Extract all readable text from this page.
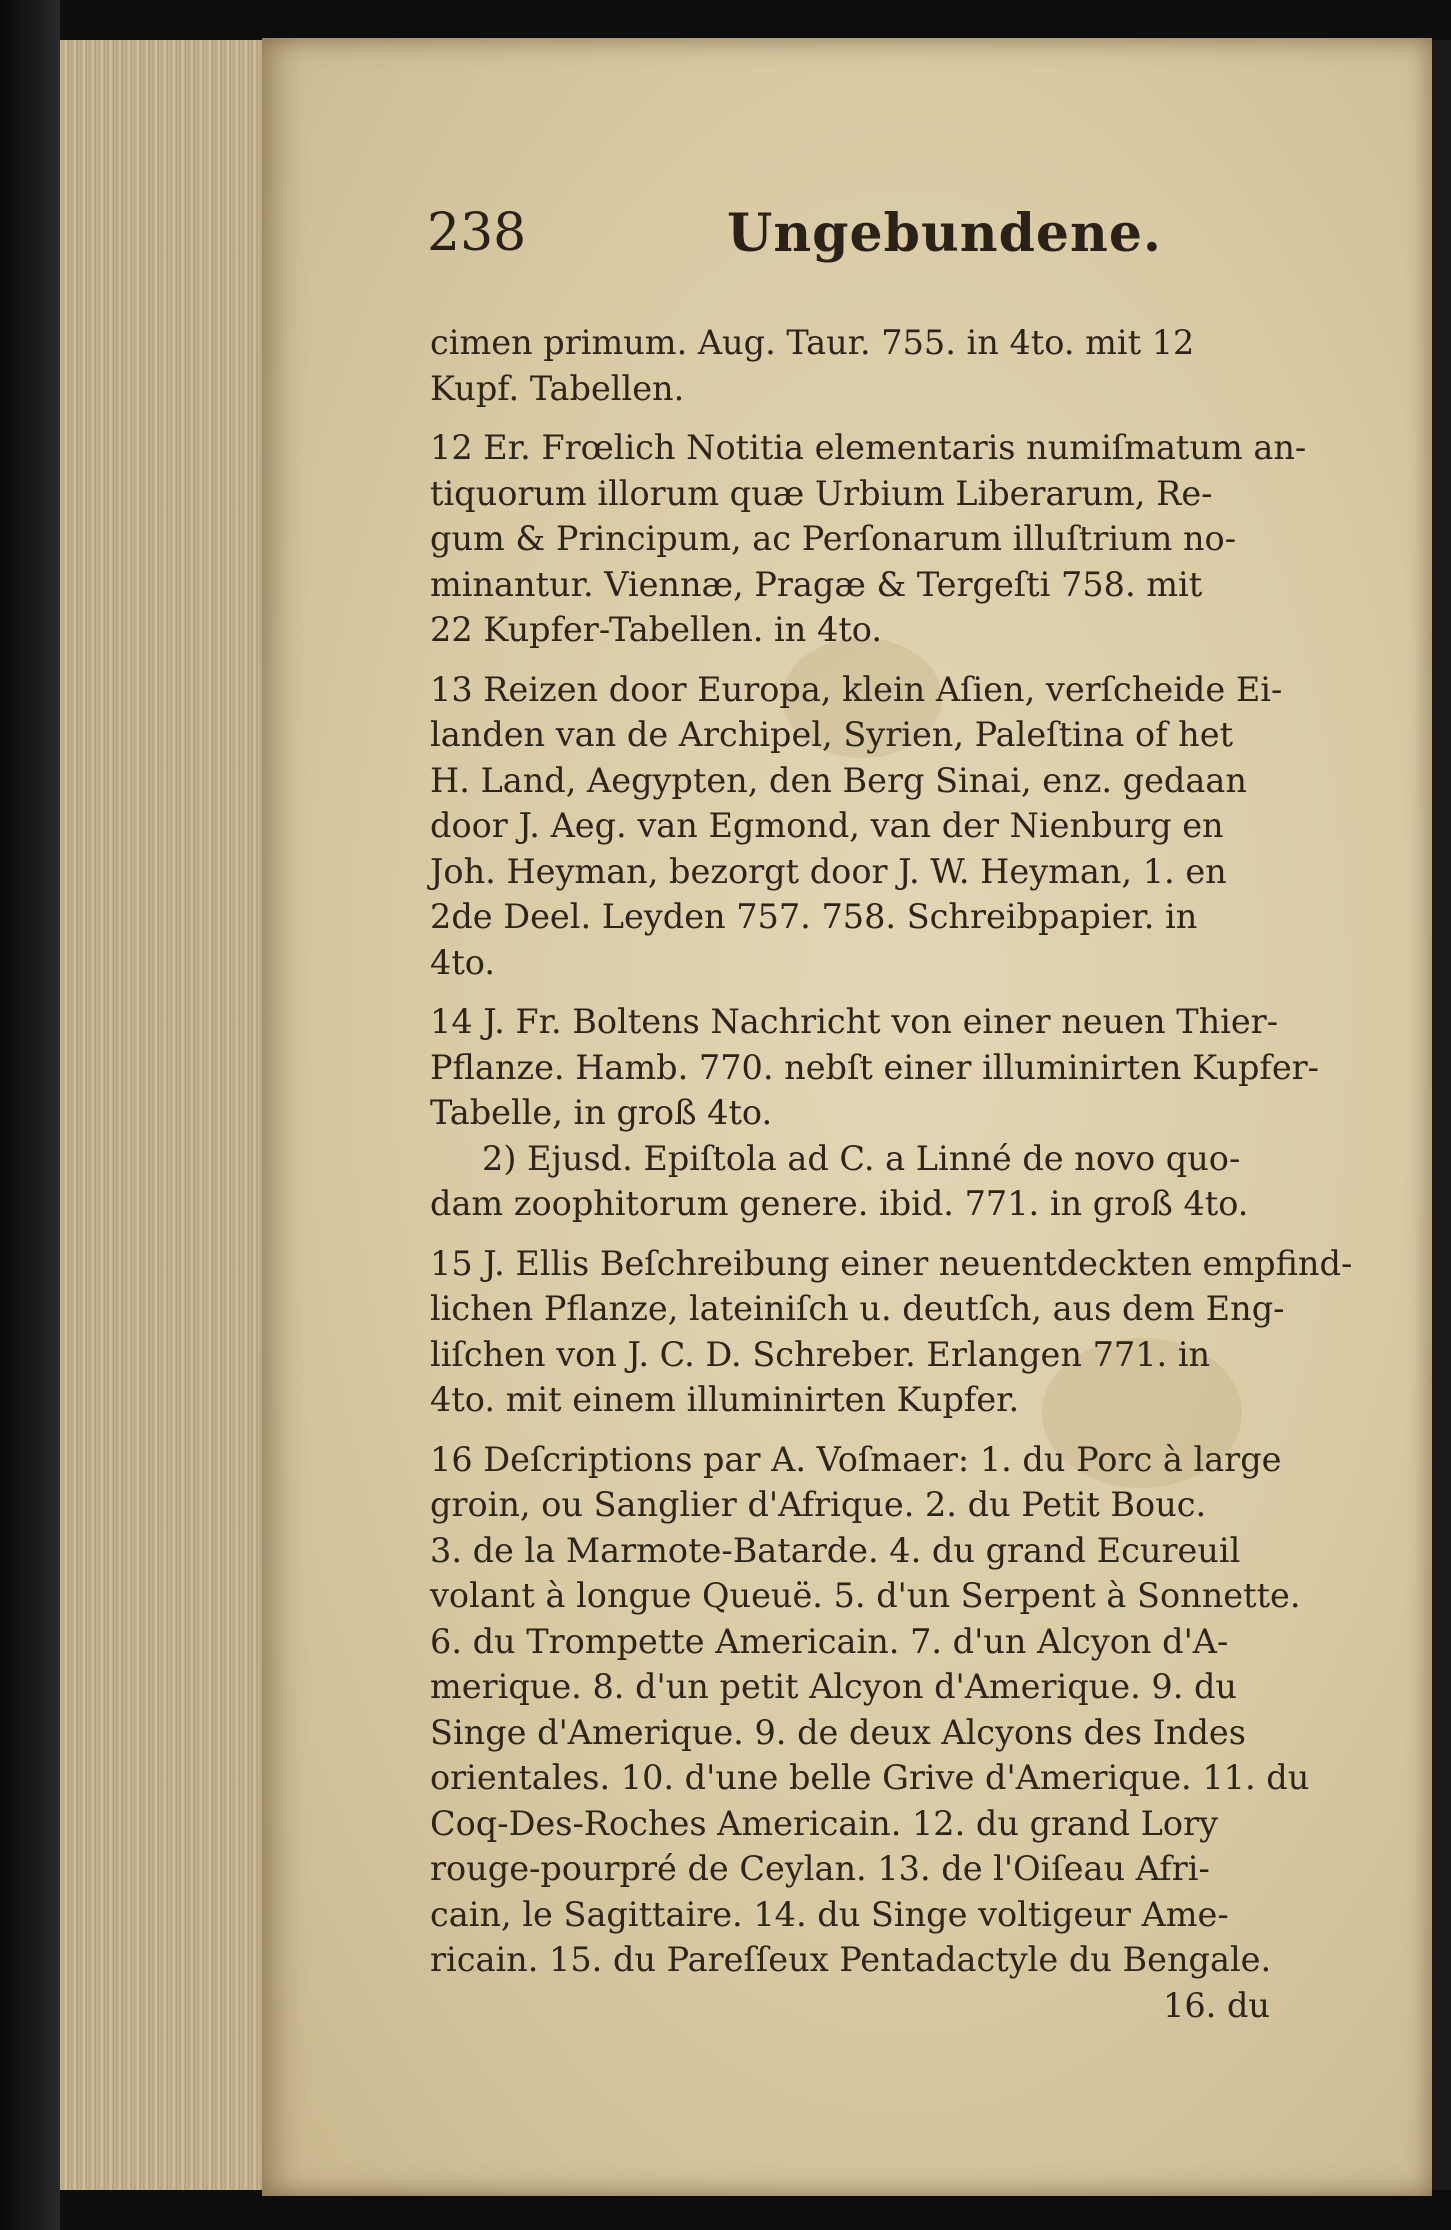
238	Ungebundene.
cimen primum. Aug. Taur. 755. in 4to. mit 12
Kupf. Tabellen.
12 Er. Frœlich Notitia elementaris numiſmatum an-
tiquorum illorum quæ Urbium Liberarum, Re-
gum & Principum, ac Perſonarum illuſtrium no-
minantur. Viennæ, Pragæ & Tergeſti 758. mit
22 Kupfer-Tabellen. in 4to.
13 Reizen door Europa, klein Aſien, verſcheide Ei-
landen van de Archipel, Syrien, Paleſtina of het
H. Land, Aegypten, den Berg Sinai, enz. gedaan
door J. Aeg. van Egmond, van der Nienburg en
Joh. Heyman, bezorgt door J. W. Heyman, 1. en
2de Deel. Leyden 757. 758. Schreibpapier. in
4to.
14 J. Fr. Boltens Nachricht von einer neuen Thier-
Pflanze. Hamb. 770. nebſt einer illuminirten Kupfer-
Tabelle, in groß 4to.
2) Ejusd. Epiſtola ad C. a Linné de novo quo-
dam zoophitorum genere. ibid. 771. in groß 4to.
15 J. Ellis Beſchreibung einer neuentdeckten empfind-
lichen Pflanze, lateiniſch u. deutſch, aus dem Eng-
liſchen von J. C. D. Schreber. Erlangen 771. in
4to. mit einem illuminirten Kupfer.
16 Deſcriptions par A. Voſmaer: 1. du Porc à large
groin, ou Sanglier d'Afrique. 2. du Petit Bouc.
3. de la Marmote-Batarde. 4. du grand Ecureuil
volant à longue Queuë. 5. d'un Serpent à Sonnette.
6. du Trompette Americain. 7. d'un Alcyon d'A-
merique. 8. d'un petit Alcyon d'Amerique. 9. du
Singe d'Amerique. 9. de deux Alcyons des Indes
orientales. 10. d'une belle Grive d'Amerique. 11. du
Coq-Des-Roches Americain. 12. du grand Lory
rouge-pourpré de Ceylan. 13. de l'Oiſeau Afri-
cain, le Sagittaire. 14. du Singe voltigeur Ame-
ricain. 15. du Pareſſeux Pentadactyle du Bengale.
16. du
